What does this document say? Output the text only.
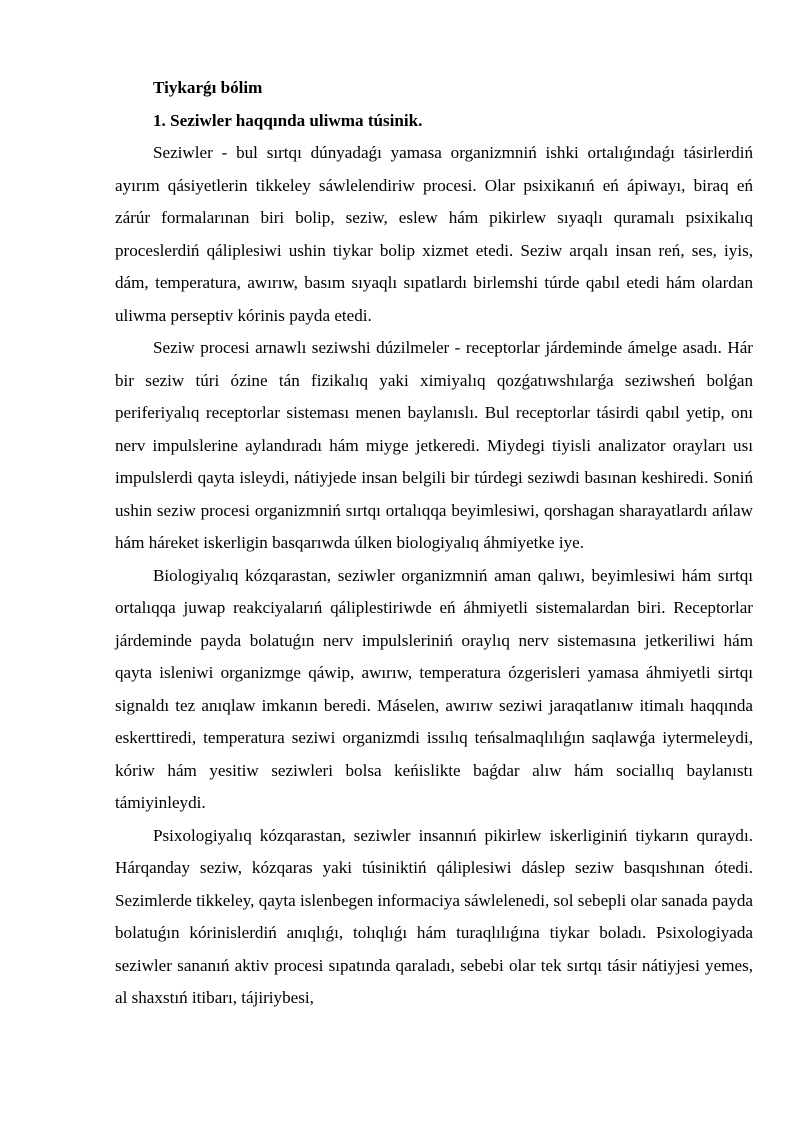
Tiykarǵı bólim

1. Seziwler haqqında uliwma túsinik.

Seziwler - bul sırtqı dúnyadaǵı yamasa organizmniń ishki ortalıǵındaǵı tásirlerdiń ayırım qásiyetlerin tikkeley sáwlelendiriw procesi. Olar psixikanıń eń ápiwayı, biraq eń zárúr formalarınan biri bolip, seziw, eslew hám pikirlew sıyaqlı quramalı psixikalıq proceslerdiń qáliplesiwi ushin tiykar bolip xizmet etedi. Seziw arqalı insan reń, ses, iyis, dám, temperatura, awırıw, basım sıyaqlı sıpatlardı birlemshi túrde qabıl etedi hám olardan uliwma perseptiv kórinis payda etedi.

Seziw procesi arnawlı seziwshi dúzilmeler - receptorlar járdeminde ámelge asadı. Hár bir seziw túri ózine tán fizikalıq yaki ximiyalıq qozǵatıwshılarǵa seziwsheń bolǵan periferiyalıq receptorlar sisteması menen baylanıslı. Bul receptorlar tásirdi qabıl yetip, onı nerv impulslerine aylandıradı hám miyge jetkeredi. Miydegi tiyisli analizator orayları usı impulslerdi qayta isleydi, nátiyjede insan belgili bir túrdegi seziwdi basınan keshiredi. Soniń ushin seziw procesi organizmniń sırtqı ortalıqqa beyimlesiwi, qorshagan sharayatlardı ańlaw hám háreket iskerligin basqarıwda úlken biologiyalıq áhmiyetke iye.

Biologiyalıq kózqarastan, seziwler organizmniń aman qalıwı, beyimlesiwi hám sırtqı ortalıqqa juwap reakciyalarıń qáliplestiriwde eń áhmiyetli sistemalardan biri. Receptorlar járdeminde payda bolatuǵın nerv impulsleriniń oraylıq nerv sistemasına jetkeriliwi hám qayta isleniwi organizmge qáwip, awırıw, temperatura ózgerisleri yamasa áhmiyetli sirtqı signaldı tez anıqlaw imkanın beredi. Máselen, awırıw seziwi jaraqatlanıw itimalı haqqında eskerttiredi, temperatura seziwi organizmdi issılıq teńsalmaqlılıǵın saqlawǵa iytermeleydi, kóriw hám yesitiw seziwleri bolsa keńislikte baǵdar alıw hám sociallıq baylanıstı támiyinleydi.

Psixologiyalıq kózqarastan, seziwler insannıń pikirlew iskerliginiń tiykarın quraydı. Hárqanday seziw, kózqaras yaki túsiniktiń qáliplesiwi dáslep seziw basqıshınan ótedi. Sezimlerde tikkeley, qayta islenbegen informaciya sáwlelenedi, sol sebepli olar sanada payda bolatuǵın kórinislerdiń anıqlıǵı, tolıqlıǵı hám turaqlılıǵına tiykar boladı. Psixologiyada seziwler sananıń aktiv procesi sıpatında qaraladı, sebebi olar tek sırtqı tásir nátiyjesi yemes, al shaxstıń itibarı, tájiriybesi,
